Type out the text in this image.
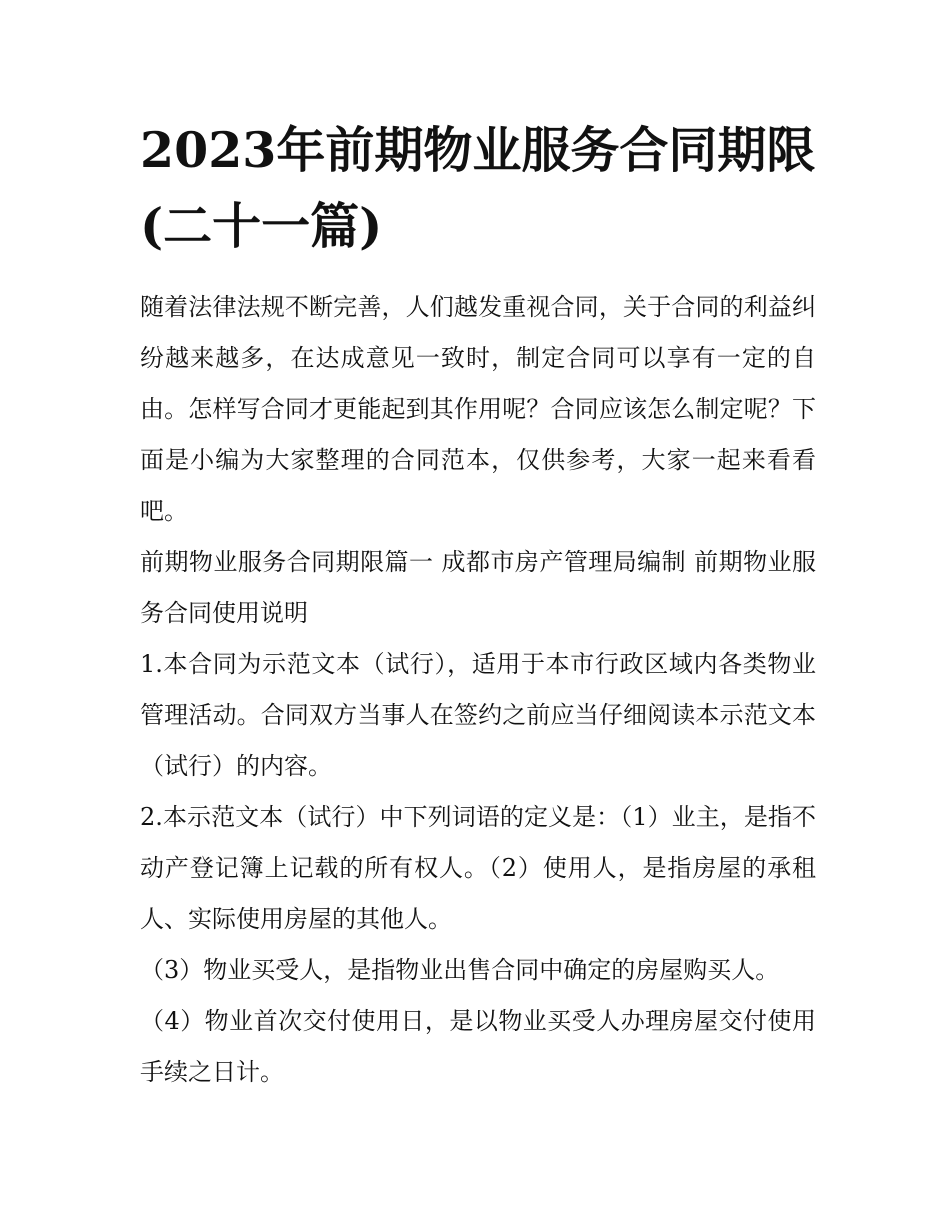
2023年前期物业服务合同期限
(二十一篇)

随着法律法规不断完善，人们越发重视合同，关于合同的利益纠纷越来越多，在达成意见一致时，制定合同可以享有一定的自由。怎样写合同才更能起到其作用呢？合同应该怎么制定呢？下面是小编为大家整理的合同范本，仅供参考，大家一起来看看吧。

前期物业服务合同期限篇一 成都市房产管理局编制 前期物业服务合同使用说明

1.本合同为示范文本（试行），适用于本市行政区域内各类物业管理活动。合同双方当事人在签约之前应当仔细阅读本示范文本（试行）的内容。

2.本示范文本（试行）中下列词语的定义是：（1）业主，是指不动产登记簿上记载的所有权人。（2）使用人，是指房屋的承租人、实际使用房屋的其他人。

（3）物业买受人，是指物业出售合同中确定的房屋购买人。

（4）物业首次交付使用日，是以物业买受人办理房屋交付使用手续之日计。
